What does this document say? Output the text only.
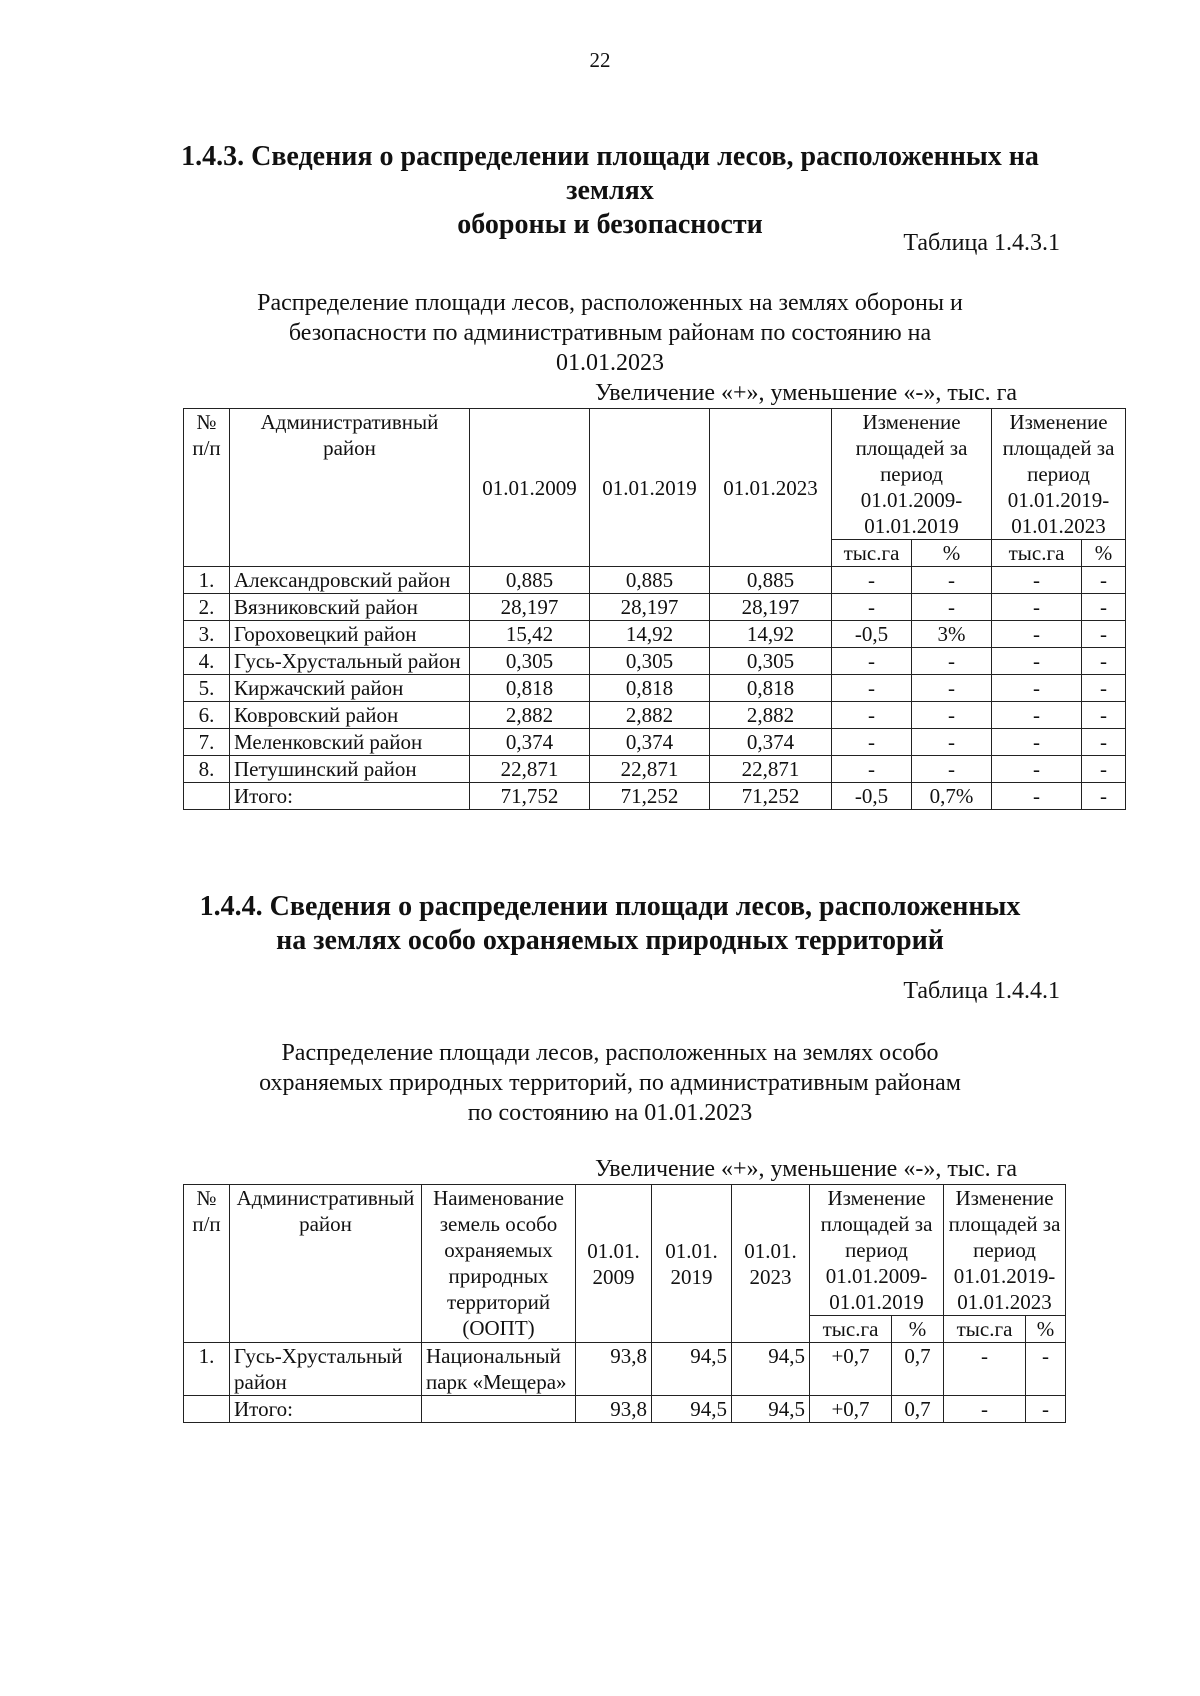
22
1.4.3. Сведения о распределении площади лесов, расположенных на землях
обороны и безопасности
Таблица 1.4.3.1
Распределение площади лесов, расположенных на землях обороны и
безопасности по административным районам по состоянию на
01.01.2023
Увеличение «+», уменьшение «-», тыс. га
№ п/п	Административный район	01.01.2009	01.01.2019	01.01.2023	Изменение площадей за период 01.01.2009-01.01.2019		Изменение площадей за период 01.01.2019-01.01.2023	
					тыс.га	%	тыс.га	%
1.	Александровский район	0,885	0,885	0,885	-	-	-	-
2.	Вязниковский район	28,197	28,197	28,197	-	-	-	-
3.	Гороховецкий район	15,42	14,92	14,92	-0,5	3%	-	-
4.	Гусь-Хрустальный район	0,305	0,305	0,305	-	-	-	-
5.	Киржачский район	0,818	0,818	0,818	-	-	-	-
6.	Ковровский район	2,882	2,882	2,882	-	-	-	-
7.	Меленковский район	0,374	0,374	0,374	-	-	-	-
8.	Петушинский район	22,871	22,871	22,871	-	-	-	-
	Итого:	71,752	71,252	71,252	-0,5	0,7%	-	-
1.4.4. Сведения о распределении площади лесов, расположенных
на землях особо охраняемых природных территорий
Таблица 1.4.4.1
Распределение площади лесов, расположенных на землях особо
охраняемых природных территорий, по административным районам
по состоянию на 01.01.2023
Увеличение «+», уменьшение «-», тыс. га
№ п/п	Административный район	Наименование земель особо охраняемых природных территорий (ООПТ)	01.01. 2009	01.01. 2019	01.01. 2023	Изменение площадей за период 01.01.2009-01.01.2019		Изменение площадей за период 01.01.2019-01.01.2023	
						тыс.га	%	тыс.га	%
1.	Гусь-Хрустальный район	Национальный парк «Мещера»	93,8	94,5	94,5	+0,7	0,7	-	-
	Итого:		93,8	94,5	94,5	+0,7	0,7	-	-
